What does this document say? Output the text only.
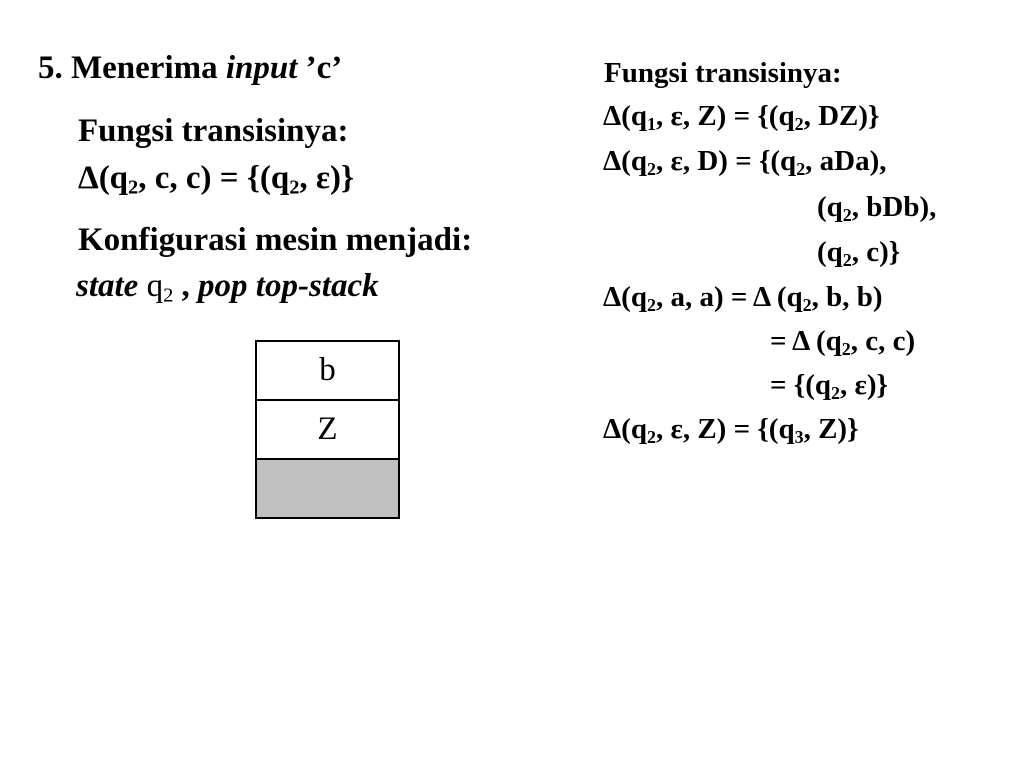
5. Menerima input ’c’
Fungsi transisinya:
$\Delta(q_2$, c, $c) = \{(q_2$, ε)}
Konfigurasi mesin menjadi:
state $q_2$ , pop top-stack
b
Z
Fungsi transisinya:
$\Delta(q_1$, ε, $Z) = \{(q_2$, DZ)}
$\Delta(q_2$, ε, $D) = \{(q_2$, aDa),
($q_2$, bDb),
($q_2$, c)}
$\Delta(q_2$, a, a) = Δ ($q_2$, b, b)
= Δ ($q_2$, c, c)
= {($q_2$, ε)}
$\Delta(q_2$, ε, $Z) = \{(q_3$, Z)}
